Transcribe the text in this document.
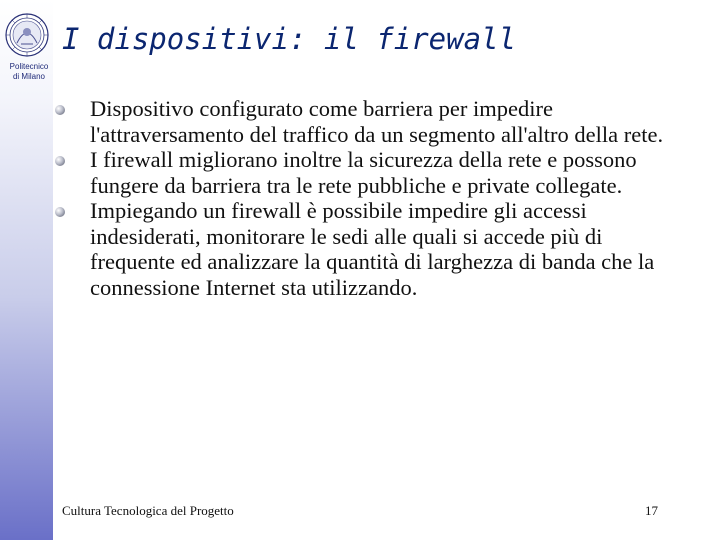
Politecnico
di Milano
I dispositivi: il firewall
Dispositivo configurato come barriera per impedire l'attraversamento del traffico da un segmento all'altro della rete.
I firewall migliorano inoltre la sicurezza della rete e possono fungere da barriera tra le rete pubbliche e private collegate.
Impiegando un firewall è possibile impedire gli accessi indesiderati, monitorare le sedi alle quali si accede più di frequente ed analizzare la quantità di larghezza di banda che la connessione Internet sta utilizzando.
Cultura Tecnologica del Progetto	17
